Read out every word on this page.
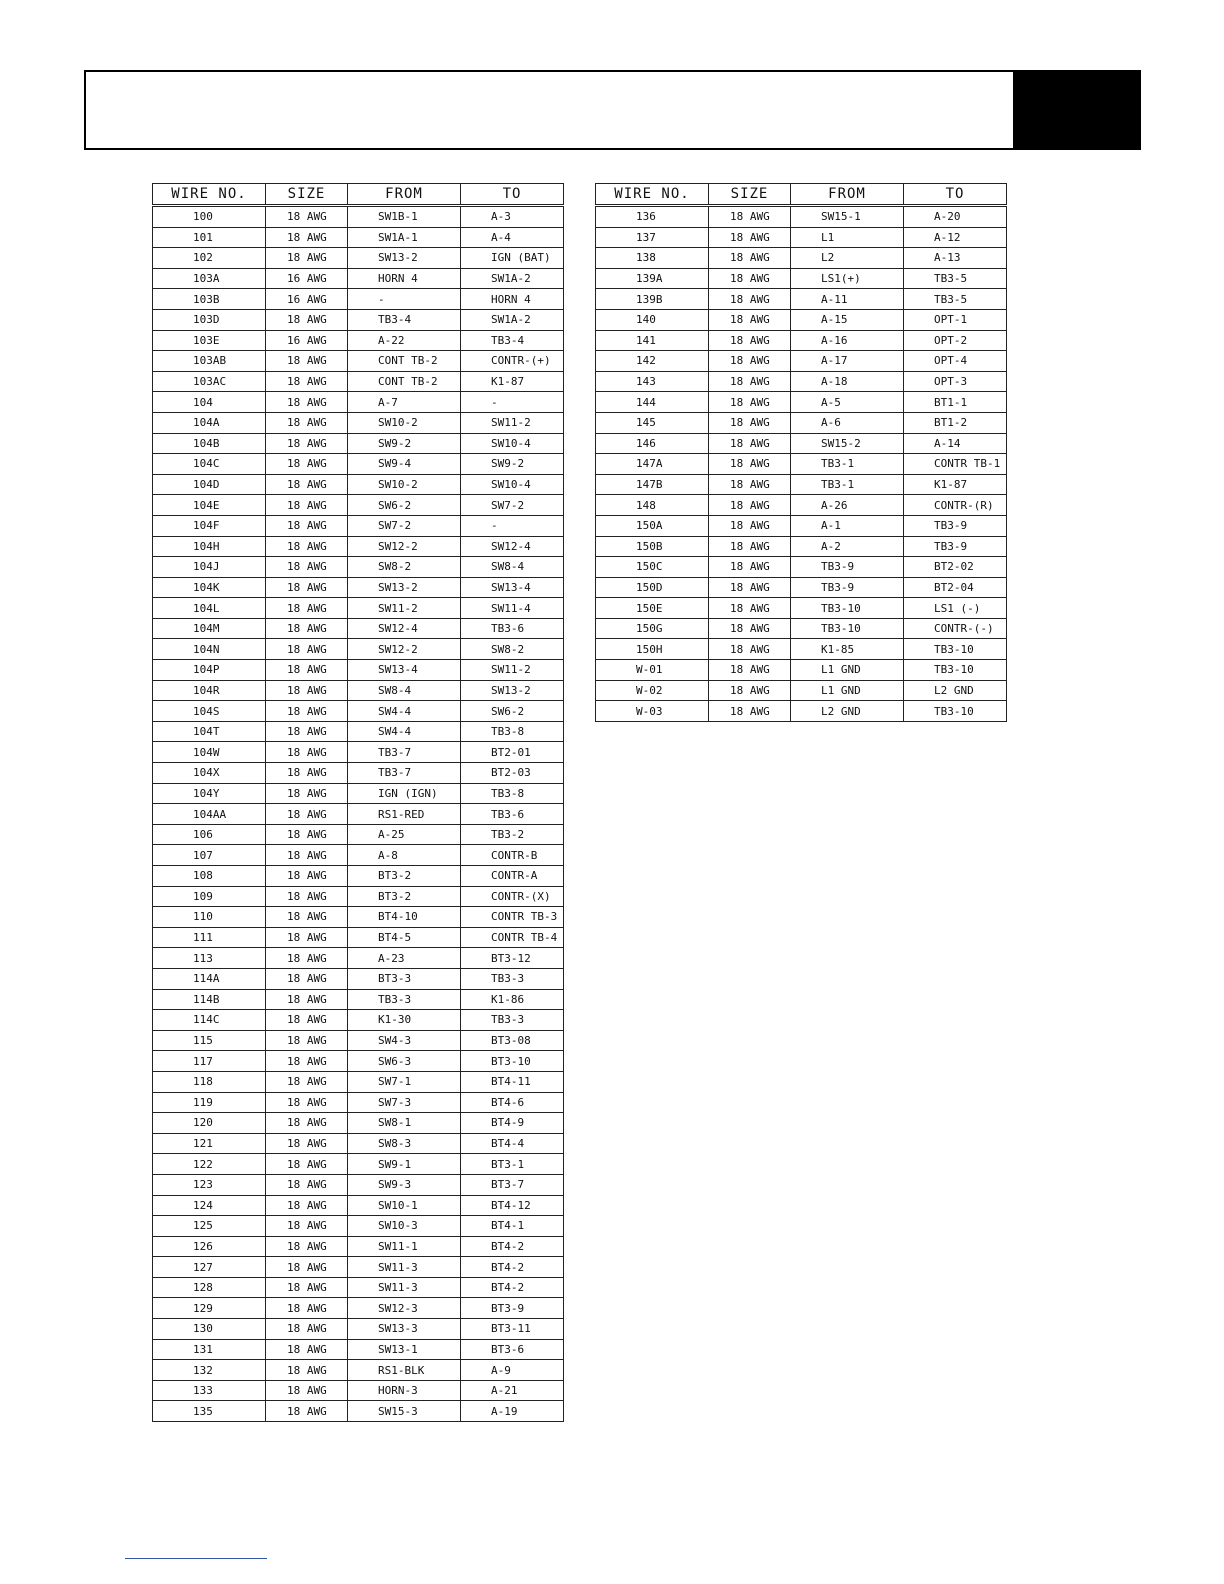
WIRE NO.	SIZE	FROM	TO
100	18 AWG	SW1B-1	A-3
101	18 AWG	SW1A-1	A-4
102	18 AWG	SW13-2	IGN (BAT)
103A	16 AWG	HORN 4	SW1A-2
103B	16 AWG	-	HORN 4
103D	18 AWG	TB3-4	SW1A-2
103E	16 AWG	A-22	TB3-4
103AB	18 AWG	CONT TB-2	CONTR-(+)
103AC	18 AWG	CONT TB-2	K1-87
104	18 AWG	A-7	-
104A	18 AWG	SW10-2	SW11-2
104B	18 AWG	SW9-2	SW10-4
104C	18 AWG	SW9-4	SW9-2
104D	18 AWG	SW10-2	SW10-4
104E	18 AWG	SW6-2	SW7-2
104F	18 AWG	SW7-2	-
104H	18 AWG	SW12-2	SW12-4
104J	18 AWG	SW8-2	SW8-4
104K	18 AWG	SW13-2	SW13-4
104L	18 AWG	SW11-2	SW11-4
104M	18 AWG	SW12-4	TB3-6
104N	18 AWG	SW12-2	SW8-2
104P	18 AWG	SW13-4	SW11-2
104R	18 AWG	SW8-4	SW13-2
104S	18 AWG	SW4-4	SW6-2
104T	18 AWG	SW4-4	TB3-8
104W	18 AWG	TB3-7	BT2-01
104X	18 AWG	TB3-7	BT2-03
104Y	18 AWG	IGN (IGN)	TB3-8
104AA	18 AWG	RS1-RED	TB3-6
106	18 AWG	A-25	TB3-2
107	18 AWG	A-8	CONTR-B
108	18 AWG	BT3-2	CONTR-A
109	18 AWG	BT3-2	CONTR-(X)
110	18 AWG	BT4-10	CONTR TB-3
111	18 AWG	BT4-5	CONTR TB-4
113	18 AWG	A-23	BT3-12
114A	18 AWG	BT3-3	TB3-3
114B	18 AWG	TB3-3	K1-86
114C	18 AWG	K1-30	TB3-3
115	18 AWG	SW4-3	BT3-08
117	18 AWG	SW6-3	BT3-10
118	18 AWG	SW7-1	BT4-11
119	18 AWG	SW7-3	BT4-6
120	18 AWG	SW8-1	BT4-9
121	18 AWG	SW8-3	BT4-4
122	18 AWG	SW9-1	BT3-1
123	18 AWG	SW9-3	BT3-7
124	18 AWG	SW10-1	BT4-12
125	18 AWG	SW10-3	BT4-1
126	18 AWG	SW11-1	BT4-2
127	18 AWG	SW11-3	BT4-2
128	18 AWG	SW11-3	BT4-2
129	18 AWG	SW12-3	BT3-9
130	18 AWG	SW13-3	BT3-11
131	18 AWG	SW13-1	BT3-6
132	18 AWG	RS1-BLK	A-9
133	18 AWG	HORN-3	A-21
135	18 AWG	SW15-3	A-19
WIRE NO.	SIZE	FROM	TO
136	18 AWG	SW15-1	A-20
137	18 AWG	L1	A-12
138	18 AWG	L2	A-13
139A	18 AWG	LS1(+)	TB3-5
139B	18 AWG	A-11	TB3-5
140	18 AWG	A-15	OPT-1
141	18 AWG	A-16	OPT-2
142	18 AWG	A-17	OPT-4
143	18 AWG	A-18	OPT-3
144	18 AWG	A-5	BT1-1
145	18 AWG	A-6	BT1-2
146	18 AWG	SW15-2	A-14
147A	18 AWG	TB3-1	CONTR TB-1
147B	18 AWG	TB3-1	K1-87
148	18 AWG	A-26	CONTR-(R)
150A	18 AWG	A-1	TB3-9
150B	18 AWG	A-2	TB3-9
150C	18 AWG	TB3-9	BT2-02
150D	18 AWG	TB3-9	BT2-04
150E	18 AWG	TB3-10	LS1 (-)
150G	18 AWG	TB3-10	CONTR-(-)
150H	18 AWG	K1-85	TB3-10
W-01	18 AWG	L1 GND	TB3-10
W-02	18 AWG	L1 GND	L2 GND
W-03	18 AWG	L2 GND	TB3-10
